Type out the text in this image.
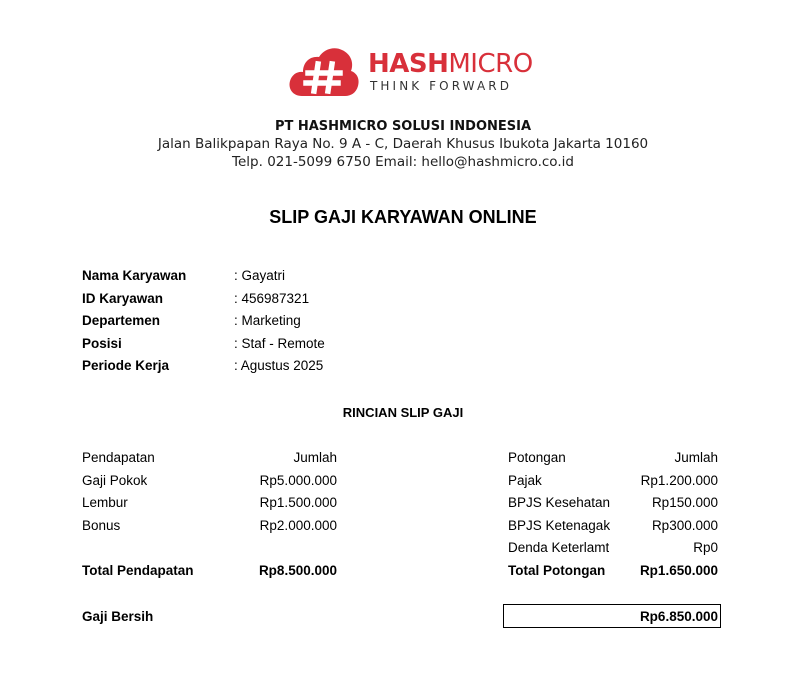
HASHMICRO
THINK FORWARD
PT HASHMICRO SOLUSI INDONESIA
Jalan Balikpapan Raya No. 9 A - C, Daerah Khusus Ibukota Jakarta 10160
Telp. 021-5099 6750 Email: hello@hashmicro.co.id
SLIP GAJI KARYAWAN ONLINE
Nama Karyawan	: Gayatri
ID Karyawan	: 456987321
Departemen	: Marketing
Posisi	: Staf - Remote
Periode Kerja	: Agustus 2025
RINCIAN SLIP GAJI
Pendapatan	Jumlah
Gaji Pokok	Rp5.000.000
Lembur	Rp1.500.000
Bonus	Rp2.000.000
Total Pendapatan	Rp8.500.000
Potongan	Jumlah
Pajak	Rp1.200.000
BPJS Kesehatan	Rp150.000
BPJS Ketenagak	Rp300.000
Denda Keterlamt	Rp0
Total Potongan	Rp1.650.000
Gaji Bersih	Rp6.850.000
